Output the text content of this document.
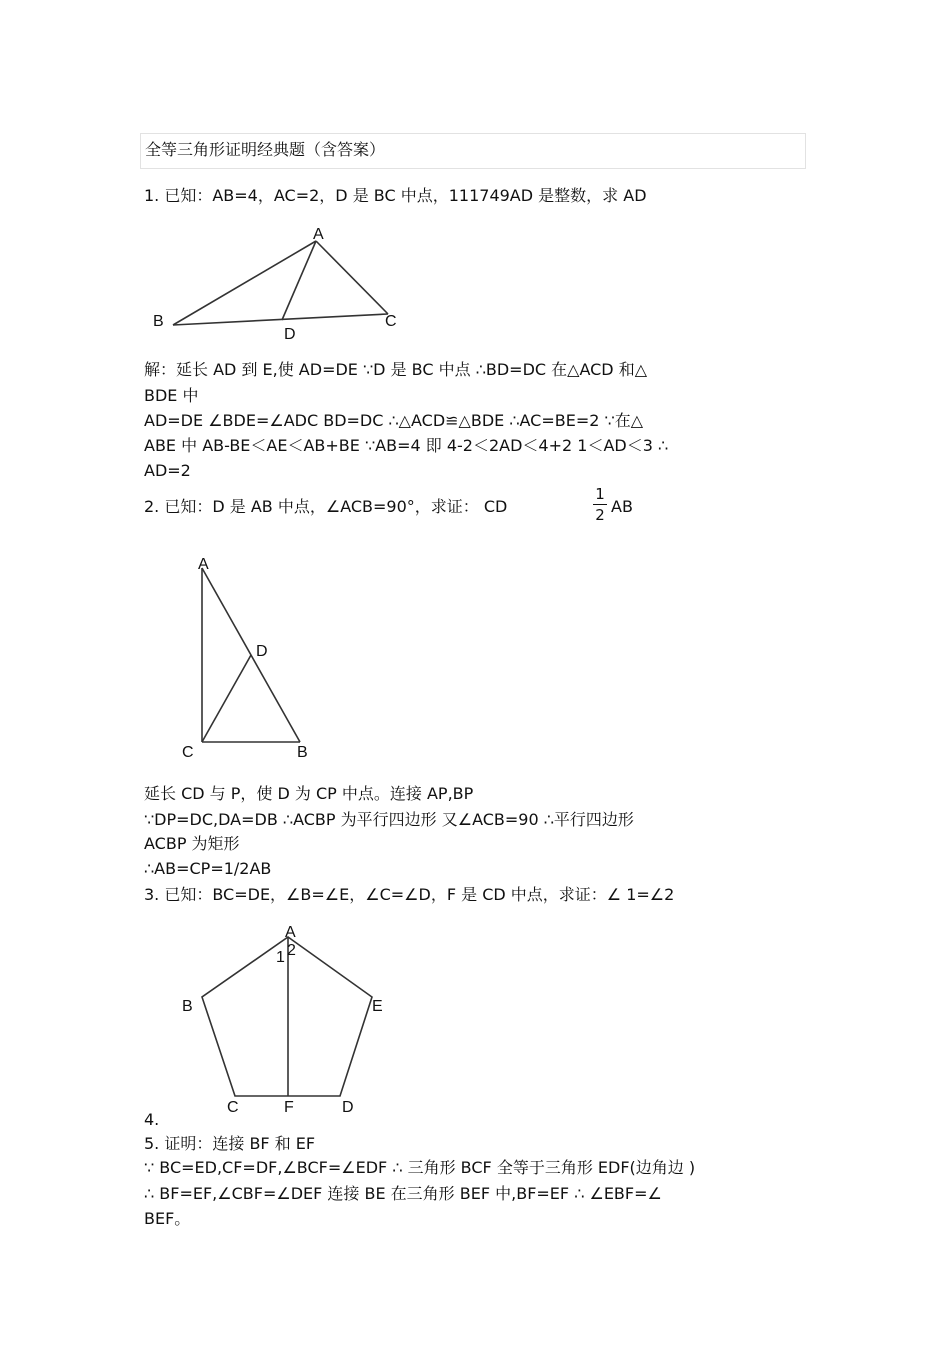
全等三角形证明经典题（含答案）
1. 已知：AB=4，AC=2，D 是 BC 中点，111749AD 是整数，求 AD
A
B	C
D
A
D
C	B
A
1 2
B	E
C	F	D
解：延长 AD 到 E,使 AD=DE ∵D 是 BC 中点 ∴BD=DC 在△ACD 和△
BDE 中
AD=DE ∠BDE=∠ADC BD=DC ∴△ACD≌△BDE ∴AC=BE=2 ∵在△
ABE 中 AB-BE＜AE＜AB+BE ∵AB=4 即 4-2＜2AD＜4+2 1＜AD＜3 ∴
AD=2
2. 已知：D 是 AB 中点，∠ACB=90°，求证： CD
1
2 AB
延长 CD 与 P，使 D 为 CP 中点。连接 AP,BP
∵DP=DC,DA=DB ∴ACBP 为平行四边形 又∠ACB=90 ∴平行四边形
ACBP 为矩形
∴AB=CP=1/2AB
3. 已知：BC=DE，∠B=∠E，∠C=∠D，F 是 CD 中点，求证：∠ 1=∠2
4.
5. 证明：连接 BF 和 EF
∵ BC=ED,CF=DF,∠BCF=∠EDF ∴ 三角形 BCF 全等于三角形 EDF(边角边 )
∴ BF=EF,∠CBF=∠DEF 连接 BE 在三角形 BEF 中,BF=EF ∴ ∠EBF=∠
BEF。
